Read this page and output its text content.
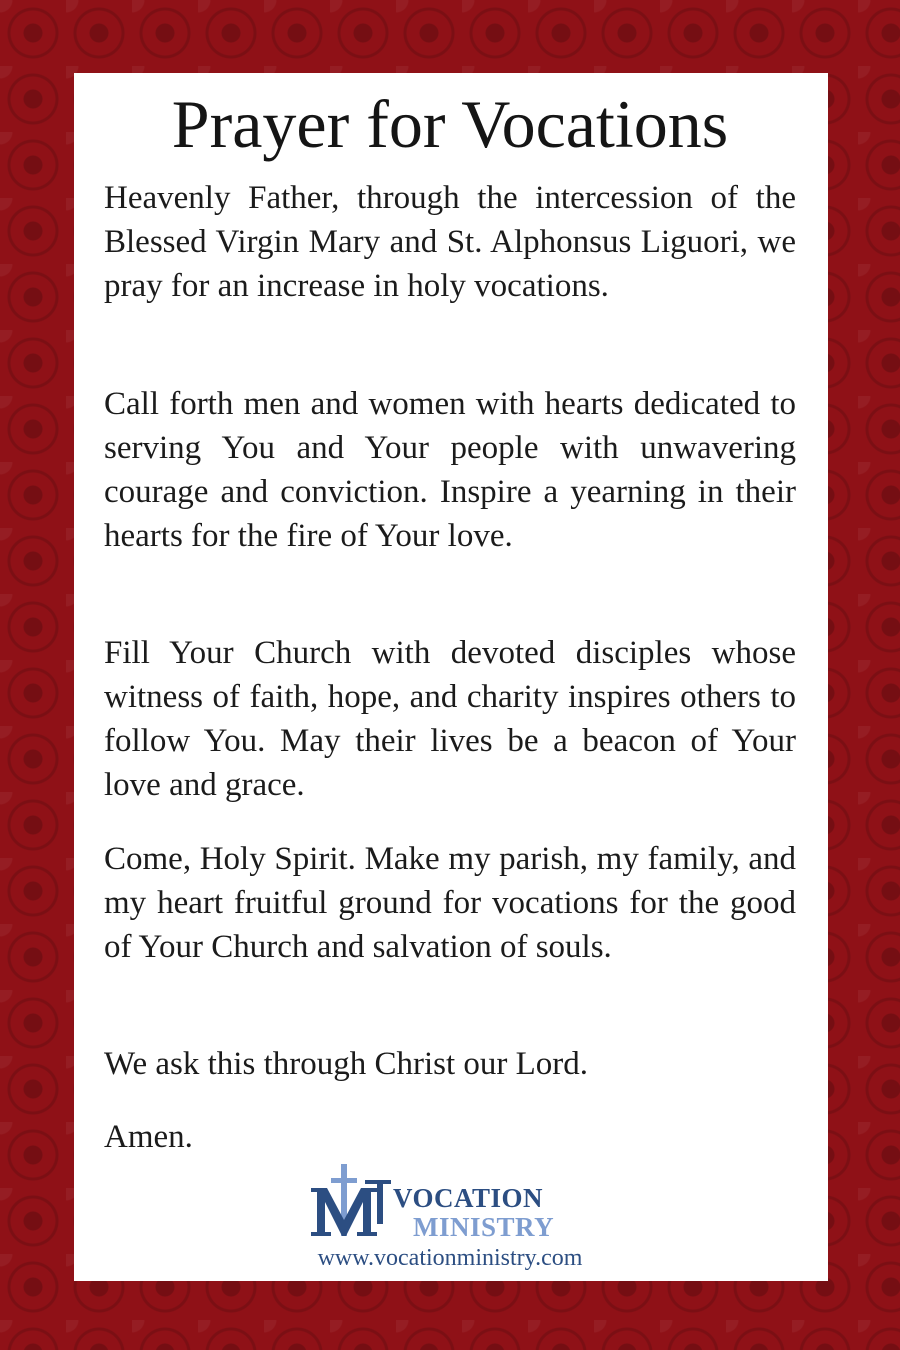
Prayer for Vocations

Heavenly Father, through the intercession of the Blessed Virgin Mary and St. Alphonsus Liguori, we pray for an increase in holy vocations.

Call forth men and women with hearts dedicated to serving You and Your people with unwavering courage and conviction. Inspire a yearning in their hearts for the fire of Your love.

Fill Your Church with devoted disciples whose witness of faith, hope, and charity inspires others to follow You. May their lives be a beacon of Your love and grace.

Come, Holy Spirit. Make my parish, my family, and my heart fruitful ground for vocations for the good of Your Church and salvation of souls.

We ask this through Christ our Lord.

Amen.

VOCATION
MINISTRY
www.vocationministry.com
